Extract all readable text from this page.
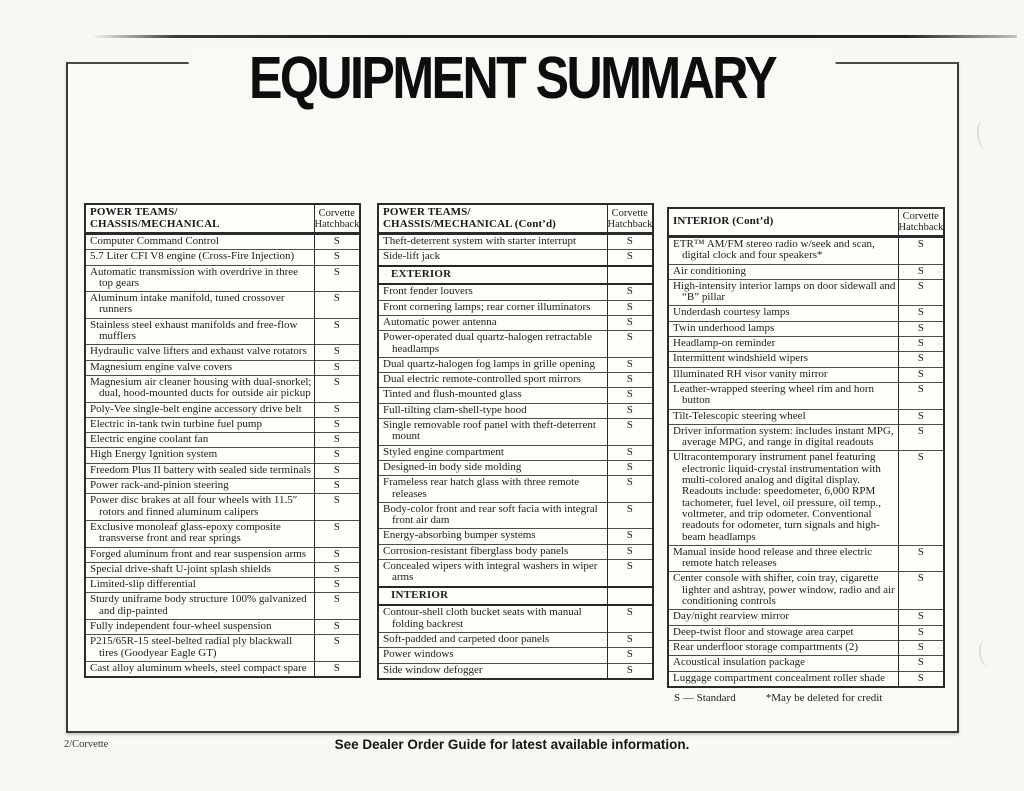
EQUIPMENT SUMMARY
POWER TEAMS/
CHASSIS/MECHANICAL	Corvette
Hatchback
Computer Command Control	S
5.7 Liter CFI V8 engine (Cross-Fire Injection)	S
Automatic transmission with overdrive in three top gears	S
Aluminum intake manifold, tuned crossover runners	S
Stainless steel exhaust manifolds and free-flow mufflers	S
Hydraulic valve lifters and exhaust valve rotators	S
Magnesium engine valve covers	S
Magnesium air cleaner housing with dual-snorkel; dual, hood-mounted ducts for outside air pickup	S
Poly-Vee single-belt engine accessory drive belt	S
Electric in-tank twin turbine fuel pump	S
Electric engine coolant fan	S
High Energy Ignition system	S
Freedom Plus II battery with sealed side terminals	S
Power rack-and-pinion steering	S
Power disc brakes at all four wheels with 11.5″ rotors and finned aluminum calipers	S
Exclusive monoleaf glass-epoxy composite transverse front and rear springs	S
Forged aluminum front and rear suspension arms	S
Special drive-shaft U-joint splash shields	S
Limited-slip differential	S
Sturdy uniframe body structure 100% galvanized and dip-painted	S
Fully independent four-wheel suspension	S
P215/65R-15 steel-belted radial ply blackwall tires (Goodyear Eagle GT)	S
Cast alloy aluminum wheels, steel compact spare	S
POWER TEAMS/
CHASSIS/MECHANICAL (Cont’d)	Corvette
Hatchback
Theft-deterrent system with starter interrupt	S
Side-lift jack	S
EXTERIOR	
Front fender louvers	S
Front cornering lamps; rear corner illuminators	S
Automatic power antenna	S
Power-operated dual quartz-halogen retractable headlamps	S
Dual quartz-halogen fog lamps in grille opening	S
Dual electric remote-controlled sport mirrors	S
Tinted and flush-mounted glass	S
Full-tilting clam-shell-type hood	S
Single removable roof panel with theft-deterrent mount	S
Styled engine compartment	S
Designed-in body side molding	S
Frameless rear hatch glass with three remote releases	S
Body-color front and rear soft facia with integral front air dam	S
Energy-absorbing bumper systems	S
Corrosion-resistant fiberglass body panels	S
Concealed wipers with integral washers in wiper arms	S
INTERIOR	
Contour-shell cloth bucket seats with manual folding backrest	S
Soft-padded and carpeted door panels	S
Power windows	S
Side window defogger	S
INTERIOR (Cont’d)	Corvette
Hatchback
ETR™ AM/FM stereo radio w/seek and scan, digital clock and four speakers*	S
Air conditioning	S
High-intensity interior lamps on door sidewall and “B” pillar	S
Underdash courtesy lamps	S
Twin underhood lamps	S
Headlamp-on reminder	S
Intermittent windshield wipers	S
Illuminated RH visor vanity mirror	S
Leather-wrapped steering wheel rim and horn button	S
Tilt-Telescopic steering wheel	S
Driver information system: includes instant MPG, average MPG, and range in digital readouts	S
Ultracontemporary instrument panel featuring electronic liquid-crystal instrumentation with multi-colored analog and digital display. Readouts include: speedometer, 6,000 RPM tachometer, fuel level, oil pressure, oil temp., voltmeter, and trip odometer. Conventional readouts for odometer, turn signals and high-beam headlamps	S
Manual inside hood release and three electric remote hatch releases	S
Center console with shifter, coin tray, cigarette lighter and ashtray, power window, radio and air conditioning controls	S
Day/night rearview mirror	S
Deep-twist floor and stowage area carpet	S
Rear underfloor storage compartments (2)	S
Acoustical insulation package	S
Luggage compartment concealment roller shade	S
S — Standard	*May be deleted for credit
2/Corvette	See Dealer Order Guide for latest available information.
